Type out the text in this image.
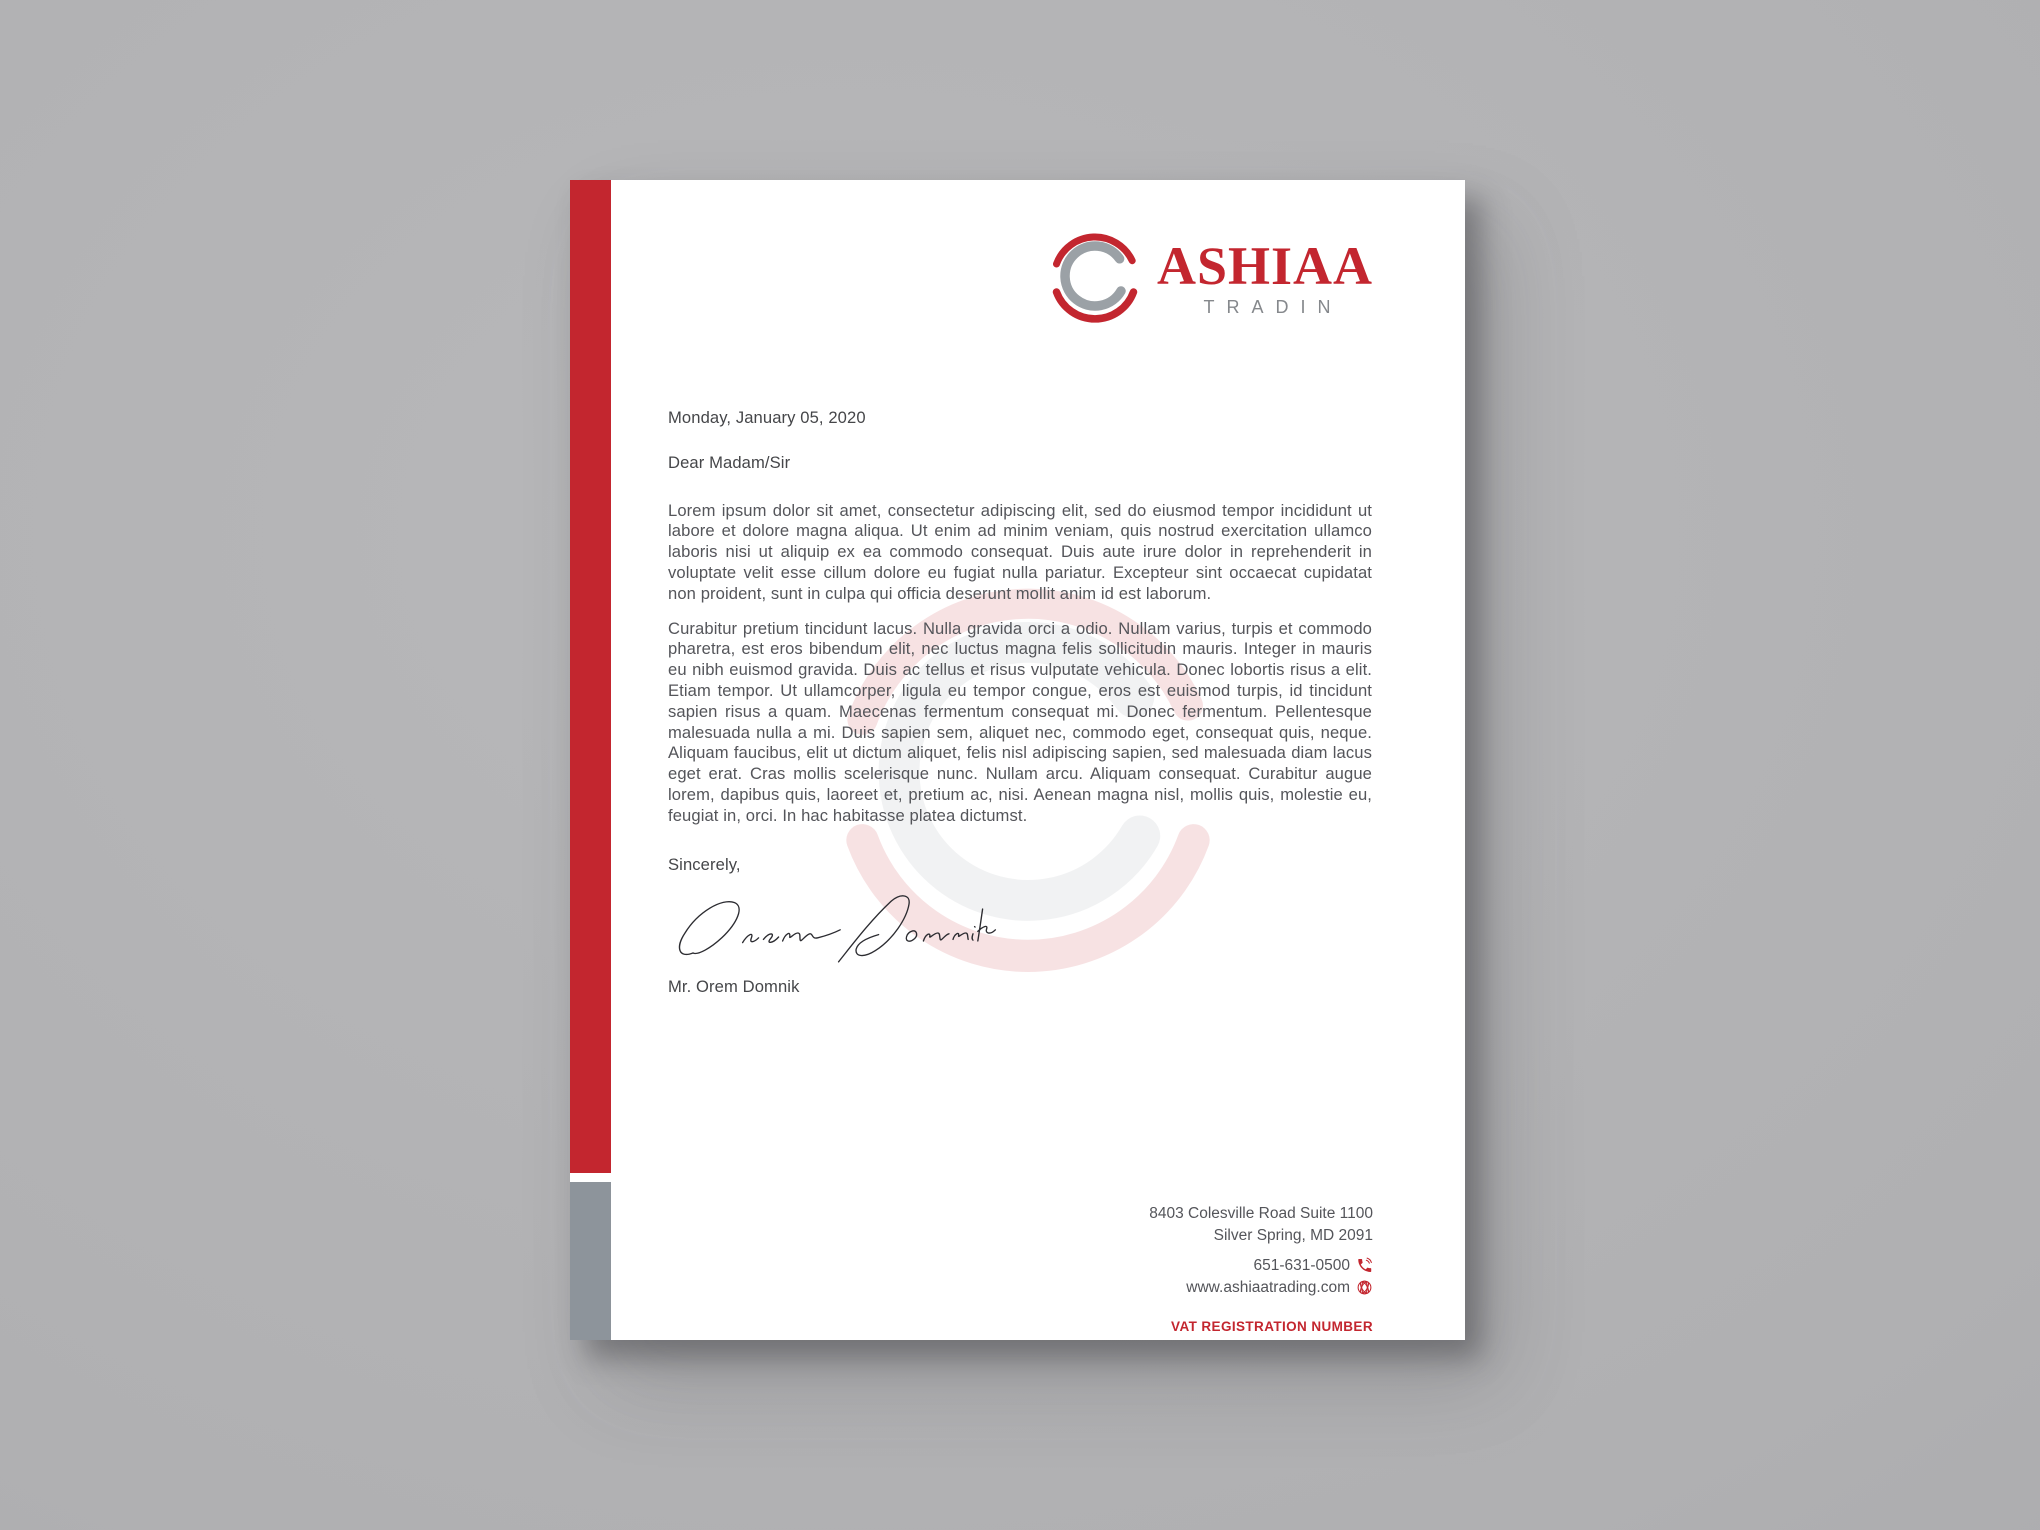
ASHIAA
TRADIN

Monday, January 05, 2020

Dear Madam/Sir

Lorem ipsum dolor sit amet, consectetur adipiscing elit, sed do eiusmod tempor incididunt ut labore et dolore magna aliqua. Ut enim ad minim veniam, quis nostrud exercitation ullamco laboris nisi ut aliquip ex ea commodo consequat. Duis aute irure dolor in reprehenderit in voluptate velit esse cillum dolore eu fugiat nulla pariatur. Excepteur sint occaecat cupidatat non proident, sunt in culpa qui officia deserunt mollit anim id est laborum.

Curabitur pretium tincidunt lacus. Nulla gravida orci a odio. Nullam varius, turpis et commodo pharetra, est eros bibendum elit, nec luctus magna felis sollicitudin mauris. Integer in mauris eu nibh euismod gravida. Duis ac tellus et risus vulputate vehicula. Donec lobortis risus a elit. Etiam tempor. Ut ullamcorper, ligula eu tempor congue, eros est euismod turpis, id tincidunt sapien risus a quam. Maecenas fermentum consequat mi. Donec fermentum. Pellentesque malesuada nulla a mi. Duis sapien sem, aliquet nec, commodo eget, consequat quis, neque. Aliquam faucibus, elit ut dictum aliquet, felis nisl adipiscing sapien, sed malesuada diam lacus eget erat. Cras mollis scelerisque nunc. Nullam arcu. Aliquam consequat. Curabitur augue lorem, dapibus quis, laoreet et, pretium ac, nisi. Aenean magna nisl, mollis quis, molestie eu, feugiat in, orci. In hac habitasse platea dictumst.

Sincerely,

Mr. Orem Domnik

8403 Colesville Road Suite 1100
Silver Spring, MD 2091
651-631-0500
www.ashiaatrading.com
VAT REGISTRATION NUMBER
